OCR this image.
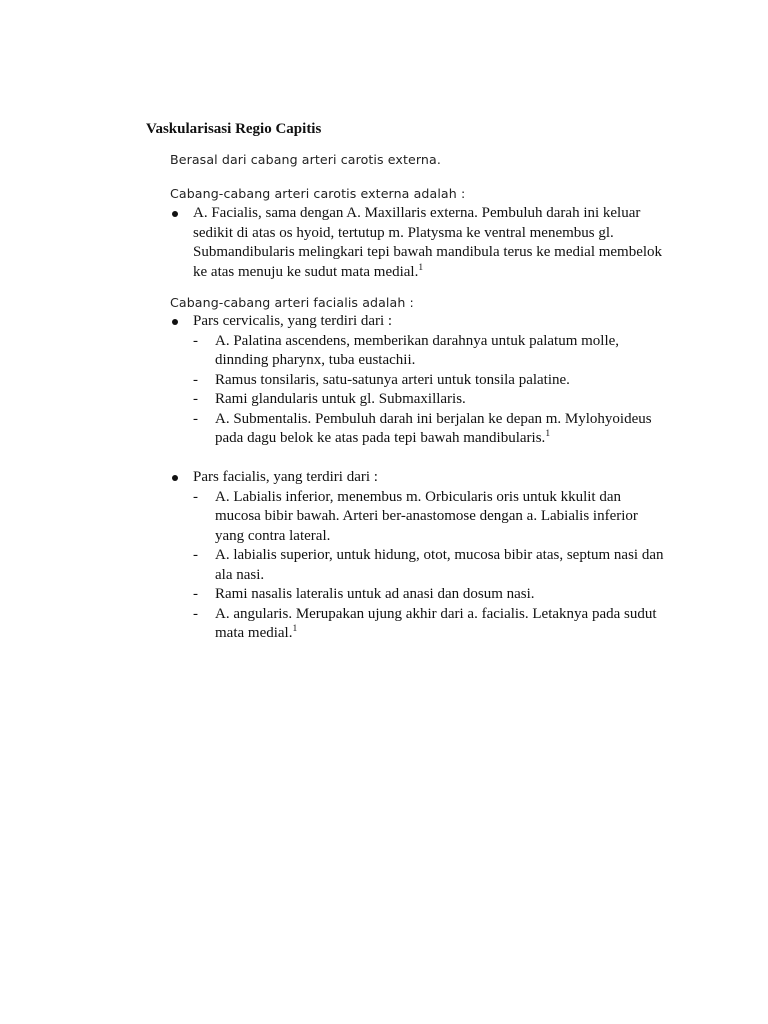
Vaskularisasi Regio Capitis
Berasal dari cabang arteri carotis externa.
Cabang-cabang arteri carotis externa adalah :
A. Facialis, sama dengan A. Maxillaris externa. Pembuluh darah ini keluar sedikit di atas os hyoid, tertutup m. Platysma ke ventral menembus gl. Submandibularis melingkari tepi bawah mandibula terus ke medial membelok ke atas menuju ke sudut mata medial.$^1$
Cabang-cabang arteri facialis adalah :
Pars cervicalis, yang terdiri dari :
- A. Palatina ascendens, memberikan darahnya untuk palatum molle, dinnding pharynx, tuba eustachii.
- Ramus tonsilaris, satu-satunya arteri untuk tonsila palatine.
- Rami glandularis untuk gl. Submaxillaris.
- A. Submentalis. Pembuluh darah ini berjalan ke depan m. Mylohyoideus pada dagu belok ke atas pada tepi bawah mandibularis.$^1$
Pars facialis, yang terdiri dari :
- A. Labialis inferior, menembus m. Orbicularis oris untuk kkulit dan mucosa bibir bawah. Arteri ber-anastomose dengan a. Labialis inferior yang contra lateral.
- A. labialis superior, untuk hidung, otot, mucosa bibir atas, septum nasi dan ala nasi.
- Rami nasalis lateralis untuk ad anasi dan dosum nasi.
- A. angularis. Merupakan ujung akhir dari a. facialis. Letaknya pada sudut mata medial.$^1$
